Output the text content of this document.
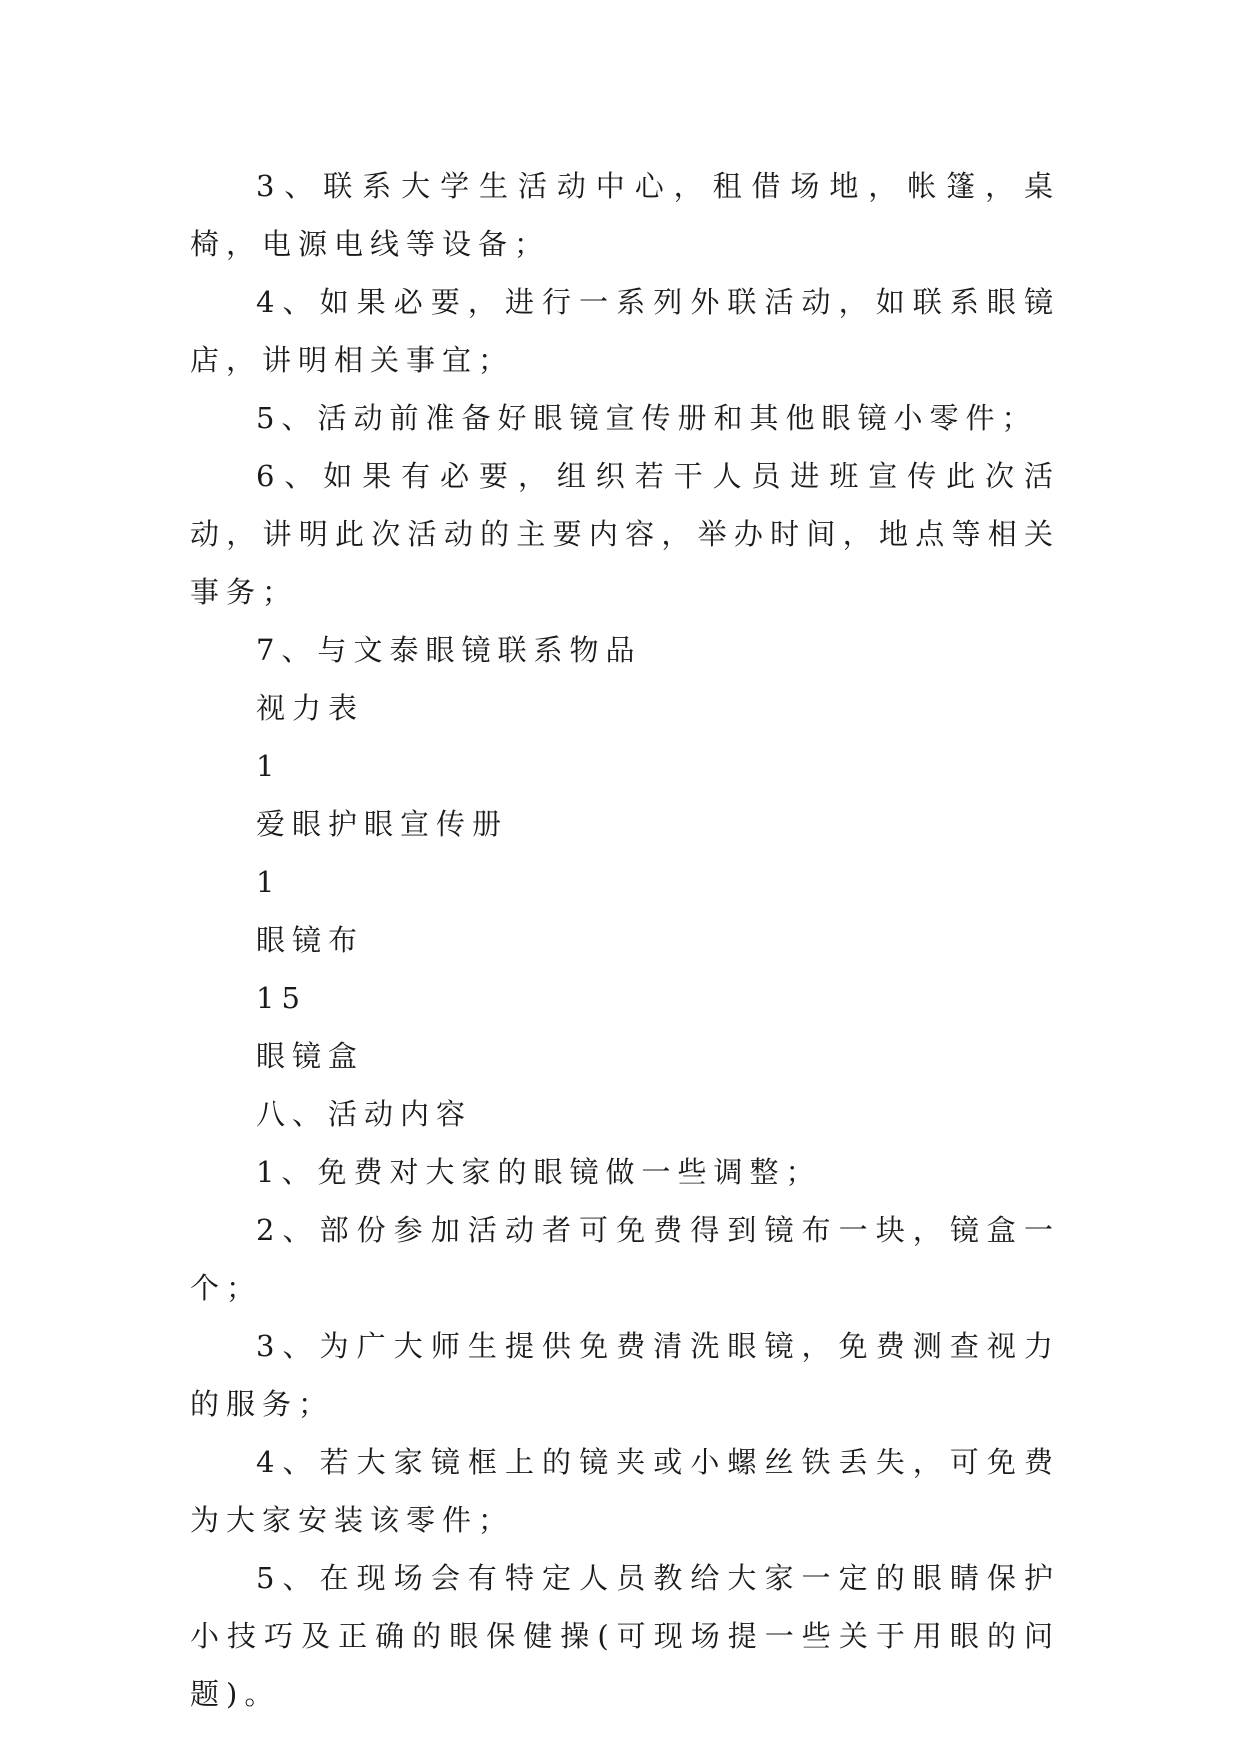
3、联系大学生活动中心，租借场地，帐篷，桌椅，电源电线等设备；

4、如果必要，进行一系列外联活动，如联系眼镜店，讲明相关事宜；

5、活动前准备好眼镜宣传册和其他眼镜小零件；

6、如果有必要，组织若干人员进班宣传此次活动，讲明此次活动的主要内容，举办时间，地点等相关事务；

7、与文泰眼镜联系物品

视力表

1

爱眼护眼宣传册

1

眼镜布

15

眼镜盒

八、活动内容

1、免费对大家的眼镜做一些调整；

2、部份参加活动者可免费得到镜布一块，镜盒一个；

3、为广大师生提供免费清洗眼镜，免费测查视力的服务；

4、若大家镜框上的镜夹或小螺丝铁丢失，可免费为大家安装该零件；

5、在现场会有特定人员教给大家一定的眼睛保护小技巧及正确的眼保健操(可现场提一些关于用眼的问题)。
